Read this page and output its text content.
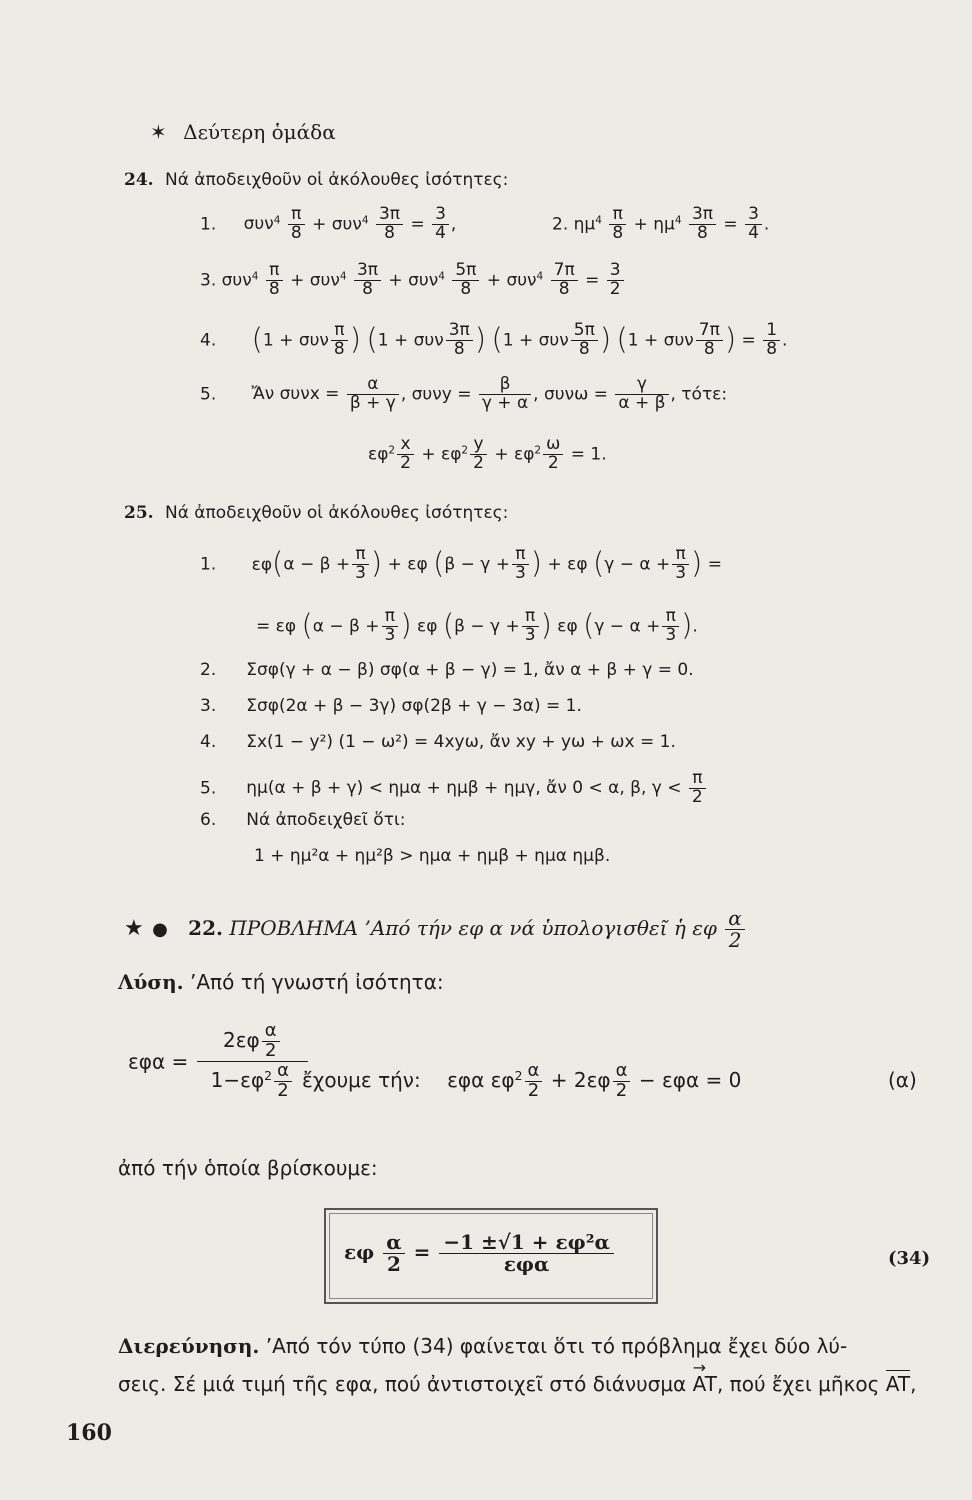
✶ Δεύτερη ὁμάδα
24. Νά ἀποδειχθοῦν οἱ ἀκόλουθες ἰσότητες:
1. $\sigma\upsilon\nu^4 \frac{\pi}{8} + \sigma\upsilon\nu^4 \frac{3\pi}{8} = \frac{3}{4}$ ,	2. $\eta\mu^4 \frac{\pi}{8} + \eta\mu^4 \frac{3\pi}{8} = \frac{3}{4}$ .
3. $\sigma\upsilon\nu^4 \frac{\pi}{8} + \sigma\upsilon\nu^4 \frac{3\pi}{8} + \sigma\upsilon\nu^4 \frac{5\pi}{8} + \sigma\upsilon\nu^4 \frac{7\pi}{8} = \frac{3}{2}$
4. (1 + συν $\frac{\pi}{8}$ ) (1 + συν $\frac{3\pi}{8}$ ) (1 + συν $\frac{5\pi}{8}$ ) (1 + συν $\frac{7\pi}{8}$ ) = $\frac{1}{8}$ .
5. Ἄν $\sigma\upsilon\nu x = \frac{\alpha}{\beta + \gamma}$ , $\sigma\upsilon\nu y = \frac{\beta}{\gamma + \alpha}$ , $\sigma\upsilon\nu\omega = \frac{\gamma}{\alpha + \beta}$ , τότε:
$\varepsilon\varphi^2 \frac{x}{2} + \varepsilon\varphi^2 \frac{y}{2} + \varepsilon\varphi^2 \frac{\omega}{2} = 1$.
25. Νά ἀποδειχθοῦν οἱ ἀκόλουθες ἰσότητες:
1. $\varepsilon\varphi(\alpha - \beta + \frac{\pi}{3}$ ) + εφ ($\beta - \gamma + \frac{\pi}{3}$ ) + εφ ($\gamma - \alpha + \frac{\pi}{3}$ ) =
= εφ ($\alpha - \beta + \frac{\pi}{3}$ ) εφ ($\beta - \gamma + \frac{\pi}{3}$ ) εφ ($\gamma - \alpha + \frac{\pi}{3}$ ).
2. Σσφ(γ + α − β) σφ(α + β − γ) = 1, ἄν α + β + γ = 0.
3. Σσφ(2α + β − 3γ) σφ(2β + γ − 3α) = 1.
4. Σx(1 − y²) (1 − ω²) = 4xyω, ἄν xy + yω + ωx = 1.
5. ημ(α + β + γ) < ημα + ημβ + ημγ, ἄν 0 < α, β, $\gamma < \frac{\pi}{2}$
6. Νά ἀποδειχθεῖ ὅτι:
1 + ημ²α + ημ²β > ημα + ημβ + ημα ημβ.
★ ● 22. ΠΡΟΒΛΗΜΑ ’Από τήν εφ α νά ὑπολογισθεῖ ἡ εφ $\frac{\alpha}{2}$
Λύση. ’Από τή γνωστή ἰσότητα:
$\varepsilon\varphi\alpha = \frac{2\varepsilon\varphi \frac{\alpha}{2}}{1-\varepsilon\varphi^2 \frac{\alpha}{2}}$
ἔχουμε τήν: εφα $\varepsilon\varphi^2 \frac{\alpha}{2} + 2\varepsilon\varphi \frac{\alpha}{2} - \varepsilon\varphi\alpha = 0$	(α)
ἀπό τήν ὁποία βρίσκουμε:
εφ $\frac{\alpha}{2} = \frac{\text{−1 ±√1 + εφ²α}}{\text{εφα}}$	(34)
Διερεύνηση. ’Από τόν τύπο (34) φαίνεται ὅτι τό πρόβλημα ἔχει δύο λύ-
σεις. Σέ μιά τιμή τῆς εφα, πού ἀντιστοιχεῖ στό διάνυσμα → AT, πού ἔχει μῆκος AT,
160
